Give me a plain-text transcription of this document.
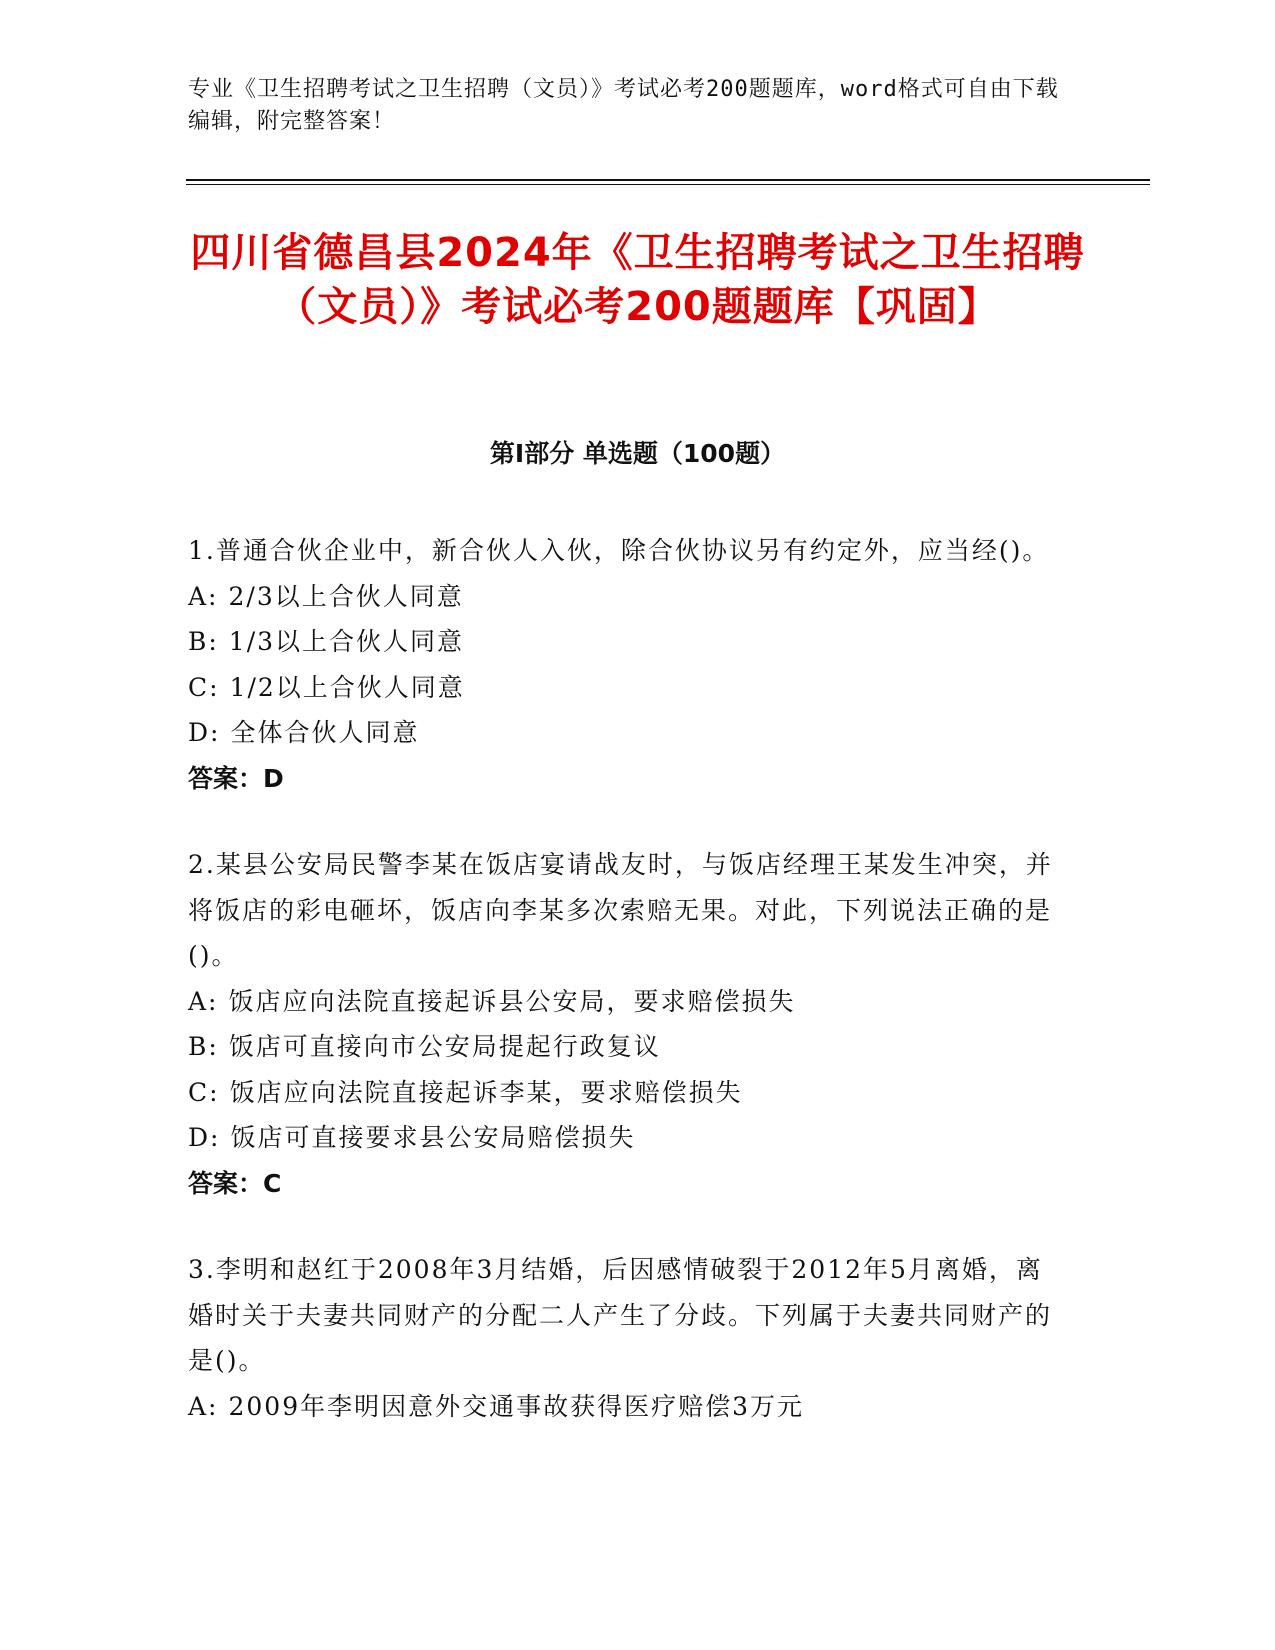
专业《卫生招聘考试之卫生招聘（文员）》考试必考200题题库，word格式可自由下载编辑，附完整答案！
四川省德昌县2024年《卫生招聘考试之卫生招聘（文员）》考试必考200题题库【巩固】
第Ⅰ部分 单选题（100题）
1.普通合伙企业中，新合伙人入伙，除合伙协议另有约定外，应当经()。
A: 2/3以上合伙人同意
B: 1/3以上合伙人同意
C: 1/2以上合伙人同意
D: 全体合伙人同意
答案：D
2.某县公安局民警李某在饭店宴请战友时，与饭店经理王某发生冲突，并将饭店的彩电砸坏，饭店向李某多次索赔无果。对此，下列说法正确的是()。
A: 饭店应向法院直接起诉县公安局，要求赔偿损失
B: 饭店可直接向市公安局提起行政复议
C: 饭店应向法院直接起诉李某，要求赔偿损失
D: 饭店可直接要求县公安局赔偿损失
答案：C
3.李明和赵红于2008年3月结婚，后因感情破裂于2012年5月离婚，离婚时关于夫妻共同财产的分配二人产生了分歧。下列属于夫妻共同财产的是()。
A: 2009年李明因意外交通事故获得医疗赔偿3万元
